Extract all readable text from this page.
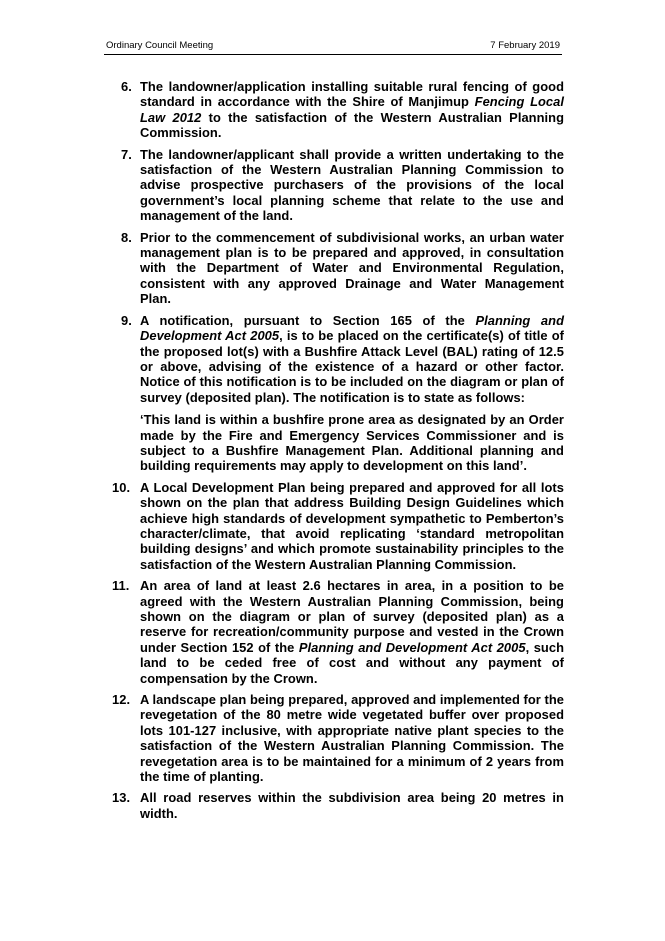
Ordinary Council Meeting	7 February 2019
6. The landowner/application installing suitable rural fencing of good standard in accordance with the Shire of Manjimup Fencing Local Law 2012 to the satisfaction of the Western Australian Planning Commission.

7. The landowner/applicant shall provide a written undertaking to the satisfaction of the Western Australian Planning Commission to advise prospective purchasers of the provisions of the local government’s local planning scheme that relate to the use and management of the land.

8. Prior to the commencement of subdivisional works, an urban water management plan is to be prepared and approved, in consultation with the Department of Water and Environmental Regulation, consistent with any approved Drainage and Water Management Plan.

9. A notification, pursuant to Section 165 of the Planning and Development Act 2005, is to be placed on the certificate(s) of title of the proposed lot(s) with a Bushfire Attack Level (BAL) rating of 12.5 or above, advising of the existence of a hazard or other factor. Notice of this notification is to be included on the diagram or plan of survey (deposited plan). The notification is to state as follows:

‘This land is within a bushfire prone area as designated by an Order made by the Fire and Emergency Services Commissioner and is subject to a Bushfire Management Plan. Additional planning and building requirements may apply to development on this land’.

10. A Local Development Plan being prepared and approved for all lots shown on the plan that address Building Design Guidelines which achieve high standards of development sympathetic to Pemberton’s character/climate, that avoid replicating ‘standard metropolitan building designs’ and which promote sustainability principles to the satisfaction of the Western Australian Planning Commission.

11. An area of land at least 2.6 hectares in area, in a position to be agreed with the Western Australian Planning Commission, being shown on the diagram or plan of survey (deposited plan) as a reserve for recreation/community purpose and vested in the Crown under Section 152 of the Planning and Development Act 2005, such land to be ceded free of cost and without any payment of compensation by the Crown.

12. A landscape plan being prepared, approved and implemented for the revegetation of the 80 metre wide vegetated buffer over proposed lots 101-127 inclusive, with appropriate native plant species to the satisfaction of the Western Australian Planning Commission. The revegetation area is to be maintained for a minimum of 2 years from the time of planting.

13. All road reserves within the subdivision area being 20 metres in width.
